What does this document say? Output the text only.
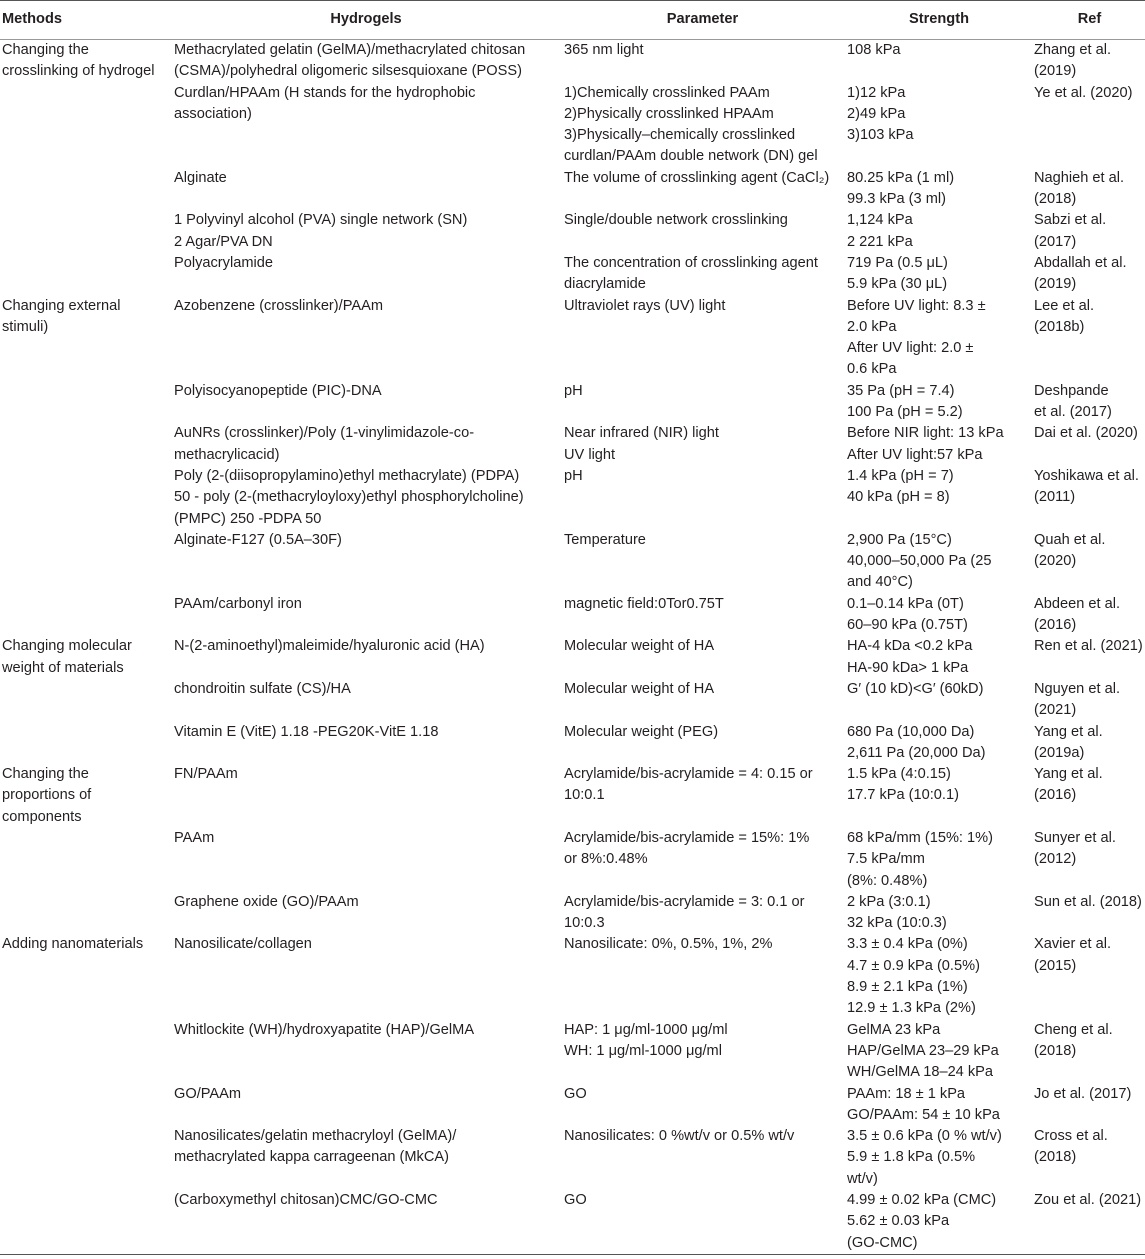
Methods	Hydrogels	Parameter	Strength	Ref

Changing the
crosslinking of hydrogel	Methacrylated gelatin (GelMA)/methacrylated chitosan
(CSMA)/polyhedral oligomeric silsesquioxane (POSS)	365 nm light	108 kPa	Zhang et al.
(2019)

	Curdlan/HPAAm (H stands for the hydrophobic
association)	1)Chemically crosslinked PAAm
2)Physically crosslinked HPAAm
3)Physically–chemically crosslinked
curdlan/PAAm double network (DN) gel	1)12 kPa
2)49 kPa
3)103 kPa	Ye et al. (2020)

	Alginate	The volume of crosslinking agent (CaCl₂)	80.25 kPa (1 ml)
99.3 kPa (3 ml)	Naghieh et al.
(2018)

	1 Polyvinyl alcohol (PVA) single network (SN)
2 Agar/PVA DN	Single/double network crosslinking	1,124 kPa
2 221 kPa	Sabzi et al.
(2017)

	Polyacrylamide	The concentration of crosslinking agent
diacrylamide	719 Pa (0.5 μL)
5.9 kPa (30 μL)	Abdallah et al.
(2019)

Changing external
stimuli)	Azobenzene (crosslinker)/PAAm	Ultraviolet rays (UV) light	Before UV light: 8.3 ±
2.0 kPa
After UV light: 2.0 ±
0.6 kPa	Lee et al.
(2018b)

	Polyisocyanopeptide (PIC)-DNA	pH	35 Pa (pH = 7.4)
100 Pa (pH = 5.2)	Deshpande
et al. (2017)

	AuNRs (crosslinker)/Poly (1-vinylimidazole-co-
methacrylicacid)	Near infrared (NIR) light
UV light	Before NIR light: 13 kPa
After UV light:57 kPa	Dai et al. (2020)

	Poly (2-(diisopropylamino)ethyl methacrylate) (PDPA)
50 - poly (2-(methacryloyloxy)ethyl phosphorylcholine)
(PMPC) 250 -PDPA 50	pH	1.4 kPa (pH = 7)
40 kPa (pH = 8)	Yoshikawa et al.
(2011)

	Alginate-F127 (0.5A–30F)	Temperature	2,900 Pa (15°C)
40,000–50,000 Pa (25
and 40°C)	Quah et al.
(2020)

	PAAm/carbonyl iron	magnetic field:0Tor0.75T	0.1–0.14 kPa (0T)
60–90 kPa (0.75T)	Abdeen et al.
(2016)

Changing molecular
weight of materials	N-(2-aminoethyl)maleimide/hyaluronic acid (HA)	Molecular weight of HA	HA-4 kDa ˂0.2 kPa
HA-90 kDa˃ 1 kPa	Ren et al. (2021)

	chondroitin sulfate (CS)/HA	Molecular weight of HA	G′ (10 kD)<G′ (60kD)	Nguyen et al.
(2021)

	Vitamin E (VitE) 1.18 -PEG20K-VitE 1.18	Molecular weight (PEG)	680 Pa (10,000 Da)
2,611 Pa (20,000 Da)	Yang et al.
(2019a)

Changing the
proportions of
components	FN/PAAm	Acrylamide/bis-acrylamide = 4: 0.15 or
10:0.1	1.5 kPa (4:0.15)
17.7 kPa (10:0.1)	Yang et al.
(2016)

	PAAm	Acrylamide/bis-acrylamide = 15%: 1%
or 8%:0.48%	68 kPa/mm (15%: 1%)
7.5 kPa/mm
(8%: 0.48%)	Sunyer et al.
(2012)

	Graphene oxide (GO)/PAAm	Acrylamide/bis-acrylamide = 3: 0.1 or
10:0.3	2 kPa (3:0.1)
32 kPa (10:0.3)	Sun et al. (2018)

Adding nanomaterials	Nanosilicate/collagen	Nanosilicate: 0%, 0.5%, 1%, 2%	3.3 ± 0.4 kPa (0%)
4.7 ± 0.9 kPa (0.5%)
8.9 ± 2.1 kPa (1%)
12.9 ± 1.3 kPa (2%)	Xavier et al.
(2015)

	Whitlockite (WH)/hydroxyapatite (HAP)/GelMA	HAP: 1 μg/ml-1000 μg/ml
WH: 1 μg/ml-1000 μg/ml	GelMA 23 kPa
HAP/GelMA 23–29 kPa
WH/GelMA 18–24 kPa	Cheng et al.
(2018)

	GO/PAAm	GO	PAAm: 18 ± 1 kPa
GO/PAAm: 54 ± 10 kPa	Jo et al. (2017)

	Nanosilicates/gelatin methacryloyl (GelMA)/
methacrylated kappa carrageenan (MkCA)	Nanosilicates: 0 %wt/v or 0.5% wt/v	3.5 ± 0.6 kPa (0 % wt/v)
5.9 ± 1.8 kPa (0.5%
wt/v)	Cross et al.
(2018)

	(Carboxymethyl chitosan)CMC/GO-CMC	GO	4.99 ± 0.02 kPa (CMC)
5.62 ± 0.03 kPa
(GO-CMC)	Zou et al. (2021)
